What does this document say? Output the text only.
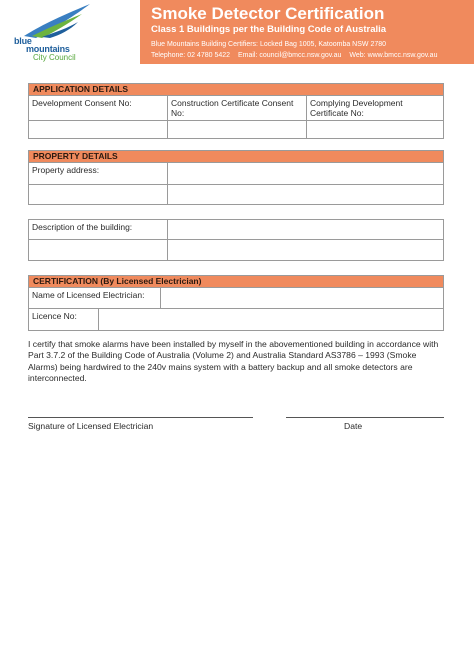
blue
mountains
City Council
Smoke Detector Certification
Class 1 Buildings per the Building Code of Australia
Blue Mountains Building Certifiers: Locked Bag 1005, Katoomba NSW 2780
Telephone: 02 4780 5422 Email: council@bmcc.nsw.gov.au Web: www.bmcc.nsw.gov.au
APPLICATION DETAILS
Development Consent No:	Construction Certificate Consent No:
Complying Development Certificate No:
PROPERTY DETAILS
Property address:
Description of the building:
CERTIFICATION (By Licensed Electrician)
Name of Licensed Electrician:
Licence No:
I certify that smoke alarms have been installed by myself in the abovementioned building in accordance with Part 3.7.2 of the Building Code of Australia (Volume 2) and Australia Standard AS3786 – 1993 (Smoke Alarms) being hardwired to the 240v mains system with a battery backup and all smoke detectors are interconnected.
Signature of Licensed Electrician	Date
